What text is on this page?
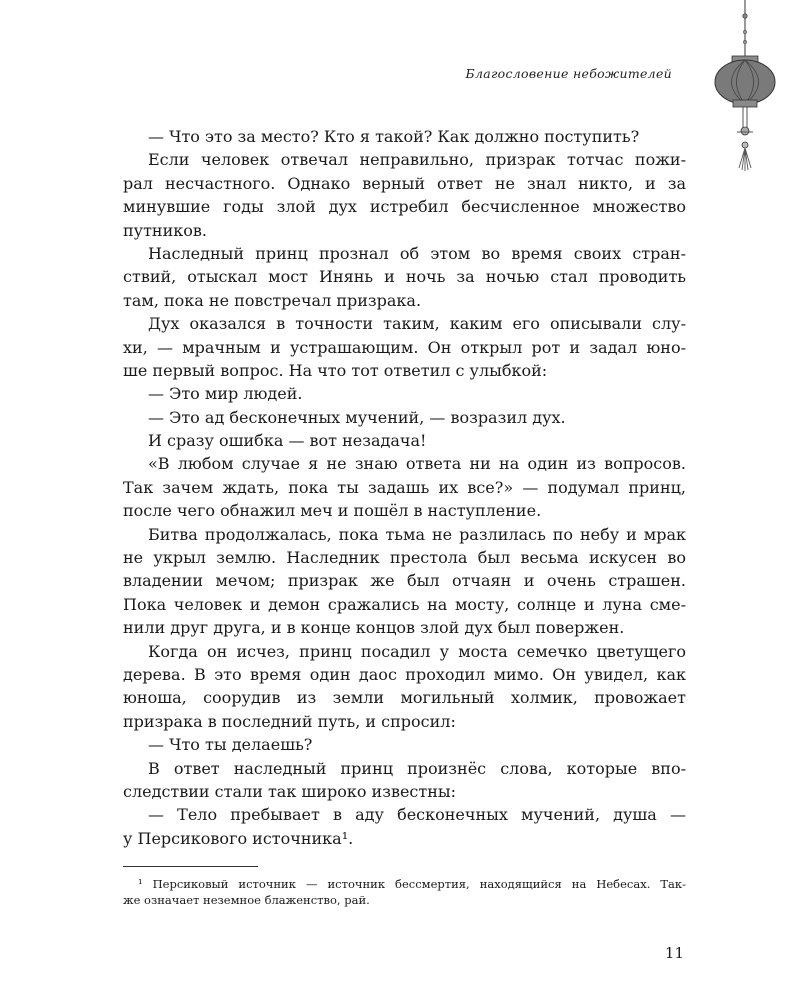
Благословение небожителей
— Что это за место? Кто я такой? Как должно поступить?
Если человек отвечал неправильно, призрак тотчас пожи-
рал несчастного. Однако верный ответ не знал никто, и за
минувшие годы злой дух истребил бесчисленное множество
путников.
Наследный принц прознал об этом во время своих стран-
ствий, отыскал мост Инянь и ночь за ночью стал проводить
там, пока не повстречал призрака.
Дух оказался в точности таким, каким его описывали слу-
хи, — мрачным и устрашающим. Он открыл рот и задал юно-
ше первый вопрос. На что тот ответил с улыбкой:
— Это мир людей.
— Это ад бесконечных мучений, — возразил дух.
И сразу ошибка — вот незадача!
«В любом случае я не знаю ответа ни на один из вопросов.
Так зачем ждать, пока ты задашь их все?» — подумал принц,
после чего обнажил меч и пошёл в наступление.
Битва продолжалась, пока тьма не разлилась по небу и мрак
не укрыл землю. Наследник престола был весьма искусен во
владении мечом; призрак же был отчаян и очень страшен.
Пока человек и демон сражались на мосту, солнце и луна сме-
нили друг друга, и в конце концов злой дух был повержен.
Когда он исчез, принц посадил у моста семечко цветущего
дерева. В это время один даос проходил мимо. Он увидел, как
юноша, соорудив из земли могильный холмик, провожает
призрака в последний путь, и спросил:
— Что ты делаешь?
В ответ наследный принц произнёс слова, которые впо-
следствии стали так широко известны:
— Тело пребывает в аду бесконечных мучений, душа —
у Персикового источника¹.
¹ Персиковый источник — источник бессмертия, находящийся на Небесах. Так-
же означает неземное блаженство, рай.
11
